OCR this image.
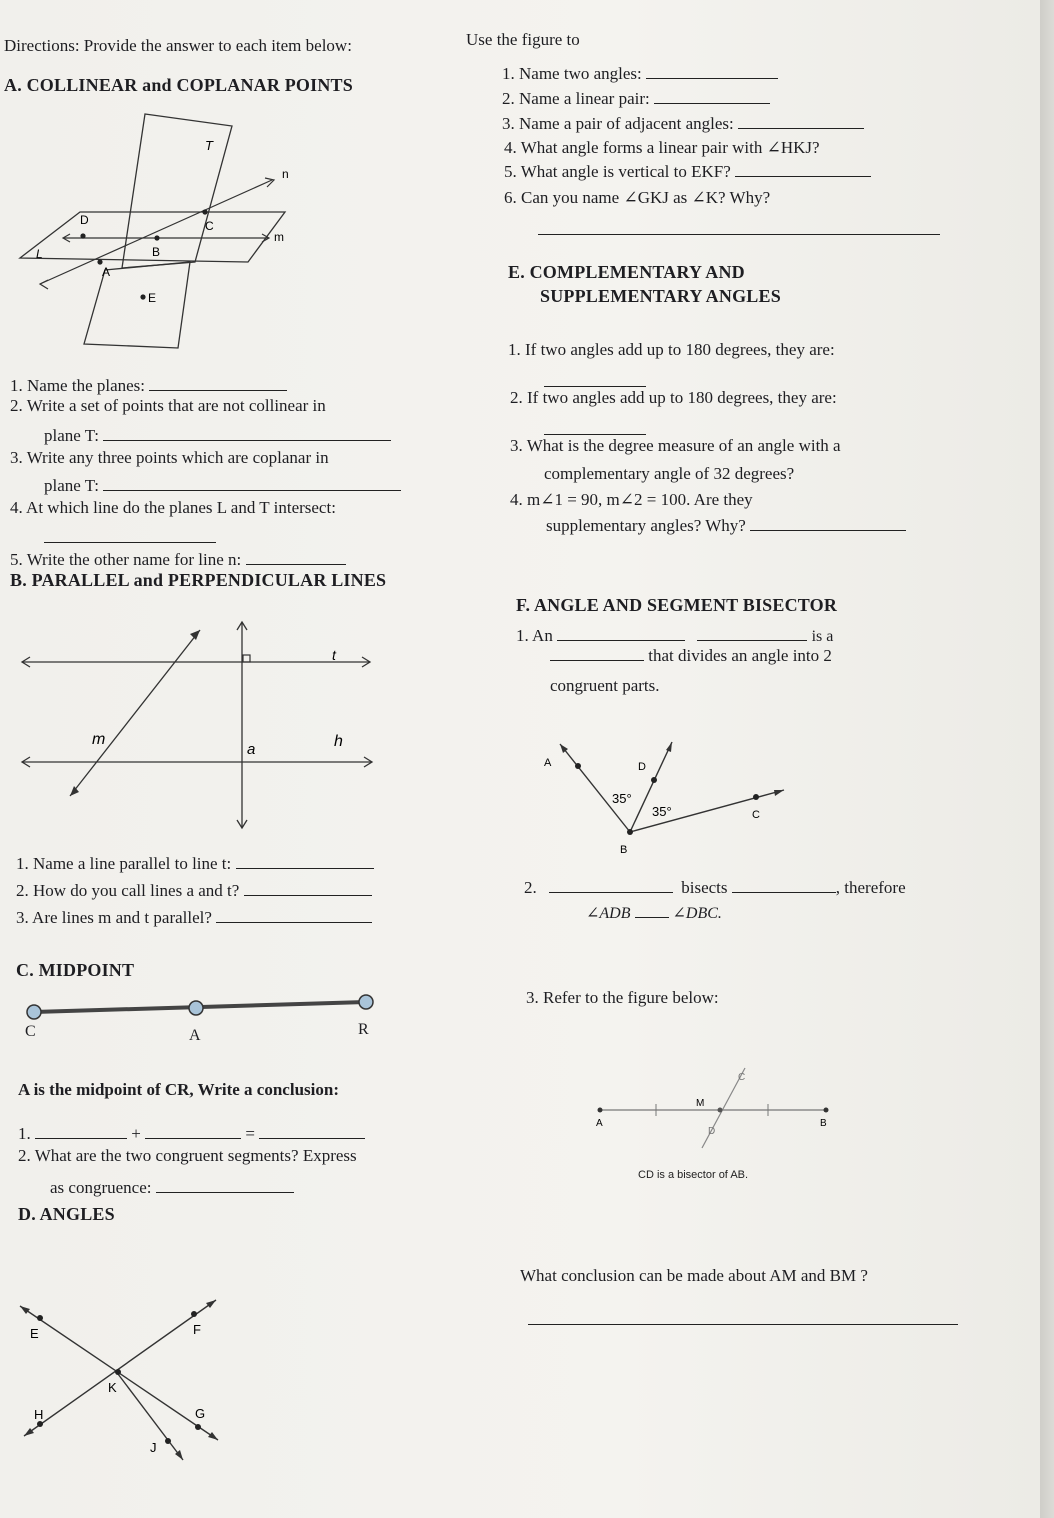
Directions: Provide the answer to each item below:	Use the figure to
A. COLLINEAR and COPLANAR POINTS
T
n
D	C
m
L	B
A
E
1. Name the planes:
2. Write a set of points that are not collinear in
plane T:
3. Write any three points which are coplanar in
plane T:
4. At which line do the planes L and T intersect:
5. Write the other name for line n:
B. PARALLEL and PERPENDICULAR LINES
t
m
a	h
1. Name a line parallel to line t:
2. How do you call lines a and t?
3. Are lines m and t parallel?
C. MIDPOINT
C	A	R
A is the midpoint of CR, Write a conclusion:
1.	+	=
2. What are the two congruent segments? Express
as congruence:
D. ANGLES
E	F
K
H	G
J
1. Name two angles:
2. Name a linear pair:
3. Name a pair of adjacent angles:
4. What angle forms a linear pair with ∠HKJ?
5. What angle is vertical to EKF?
6. Can you name ∠GKJ as ∠K? Why?
E. COMPLEMENTARY AND
SUPPLEMENTARY ANGLES
1. If two angles add up to 180 degrees, they are:
2. If two angles add up to 180 degrees, they are:
3. What is the degree measure of an angle with a
complementary angle of 32 degrees?
4. m∠1 = 90, m∠2 = 100. Are they
supplementary angles? Why?
F. ANGLE AND SEGMENT BISECTOR
1. An	is a
that divides an angle into 2
congruent parts.
A	D
C
B
35°
35°
2.	bisects	, therefore
∠ADB	∠DBC.
3. Refer to the figure below:
C
M
A	B
D
CD is a bisector of AB.
What conclusion can be made about AM and BM ?
